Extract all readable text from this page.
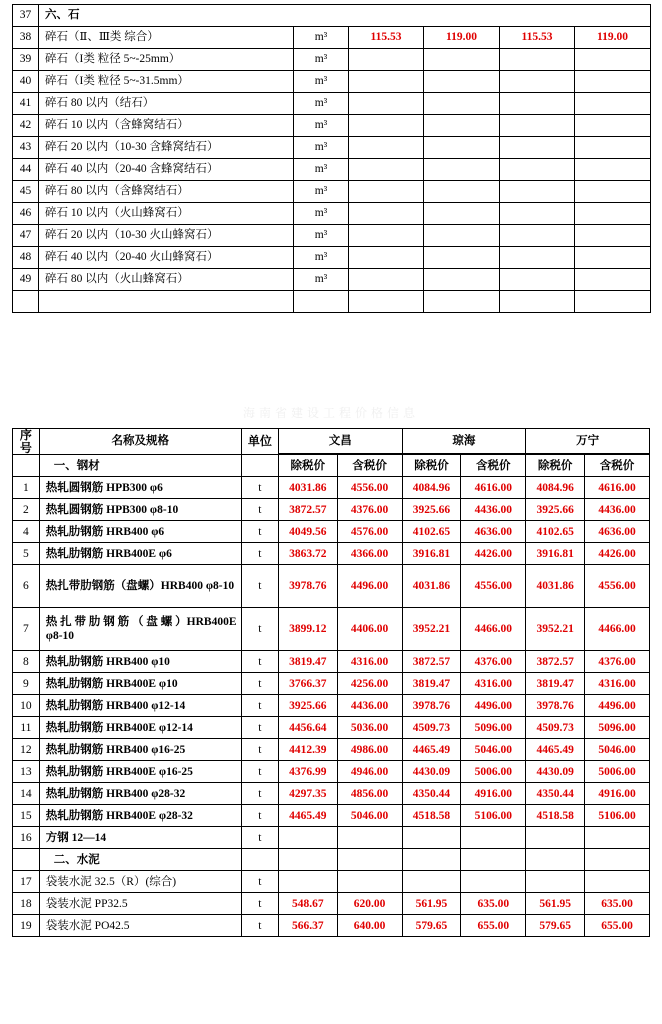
37	六、石					
38	碎石（Ⅱ、Ⅲ类 综合）	m³	115.53	119.00	115.53	119.00
39	碎石（I类 粒径 5~-25mm）	m³				
40	碎石（I类 粒径 5~-31.5mm）	m³				
41	碎石 80 以内（结石）	m³				
42	碎石 10 以内（含蜂窝结石）	m³				
43	碎石 20 以内（10-30 含蜂窝结石）	m³				
44	碎石 40 以内（20-40 含蜂窝结石）	m³				
45	碎石 80 以内（含蜂窝结石）	m³				
46	碎石 10 以内（火山蜂窝石）	m³				
47	碎石 20 以内（10-30 火山蜂窝石）	m³				
48	碎石 40 以内（20-40 火山蜂窝石）	m³				
49	碎石 80 以内（火山蜂窝石）	m³				

海南省建设工程价格信息
序号	名称及规格	单位	文昌		琼海		万宁	

	一、钢材		除税价	含税价	除税价	含税价	除税价	含税价
1	热轧圆钢筋 HPB300 φ6	t	4031.86	4556.00	4084.96	4616.00	4084.96	4616.00
2	热轧圆钢筋 HPB300 φ8-10	t	3872.57	4376.00	3925.66	4436.00	3925.66	4436.00
4	热轧肋钢筋 HRB400 φ6	t	4049.56	4576.00	4102.65	4636.00	4102.65	4636.00
5	热轧肋钢筋 HRB400E φ6	t	3863.72	4366.00	3916.81	4426.00	3916.81	4426.00
6	热扎带肋钢筋（盘螺）HRB400 φ8-10	t	3978.76	4496.00	4031.86	4556.00	4031.86	4556.00
7	热 扎 带 肋 钢 筋 （ 盘 螺 ）HRB400E φ8-10	t	3899.12	4406.00	3952.21	4466.00	3952.21	4466.00
8	热轧肋钢筋 HRB400 φ10	t	3819.47	4316.00	3872.57	4376.00	3872.57	4376.00
9	热轧肋钢筋 HRB400E φ10	t	3766.37	4256.00	3819.47	4316.00	3819.47	4316.00
10	热轧肋钢筋 HRB400 φ12-14	t	3925.66	4436.00	3978.76	4496.00	3978.76	4496.00
11	热轧肋钢筋 HRB400E φ12-14	t	4456.64	5036.00	4509.73	5096.00	4509.73	5096.00
12	热轧肋钢筋 HRB400 φ16-25	t	4412.39	4986.00	4465.49	5046.00	4465.49	5046.00
13	热轧肋钢筋 HRB400E φ16-25	t	4376.99	4946.00	4430.09	5006.00	4430.09	5006.00
14	热轧肋钢筋 HRB400 φ28-32	t	4297.35	4856.00	4350.44	4916.00	4350.44	4916.00
15	热轧肋钢筋 HRB400E φ28-32	t	4465.49	5046.00	4518.58	5106.00	4518.58	5106.00
16	方钢 12—14	t						
	二、水泥							
17	袋装水泥 32.5（R）(综合)	t						
18	袋装水泥 PP32.5	t	548.67	620.00	561.95	635.00	561.95	635.00
19	袋装水泥 PO42.5	t	566.37	640.00	579.65	655.00	579.65	655.00
